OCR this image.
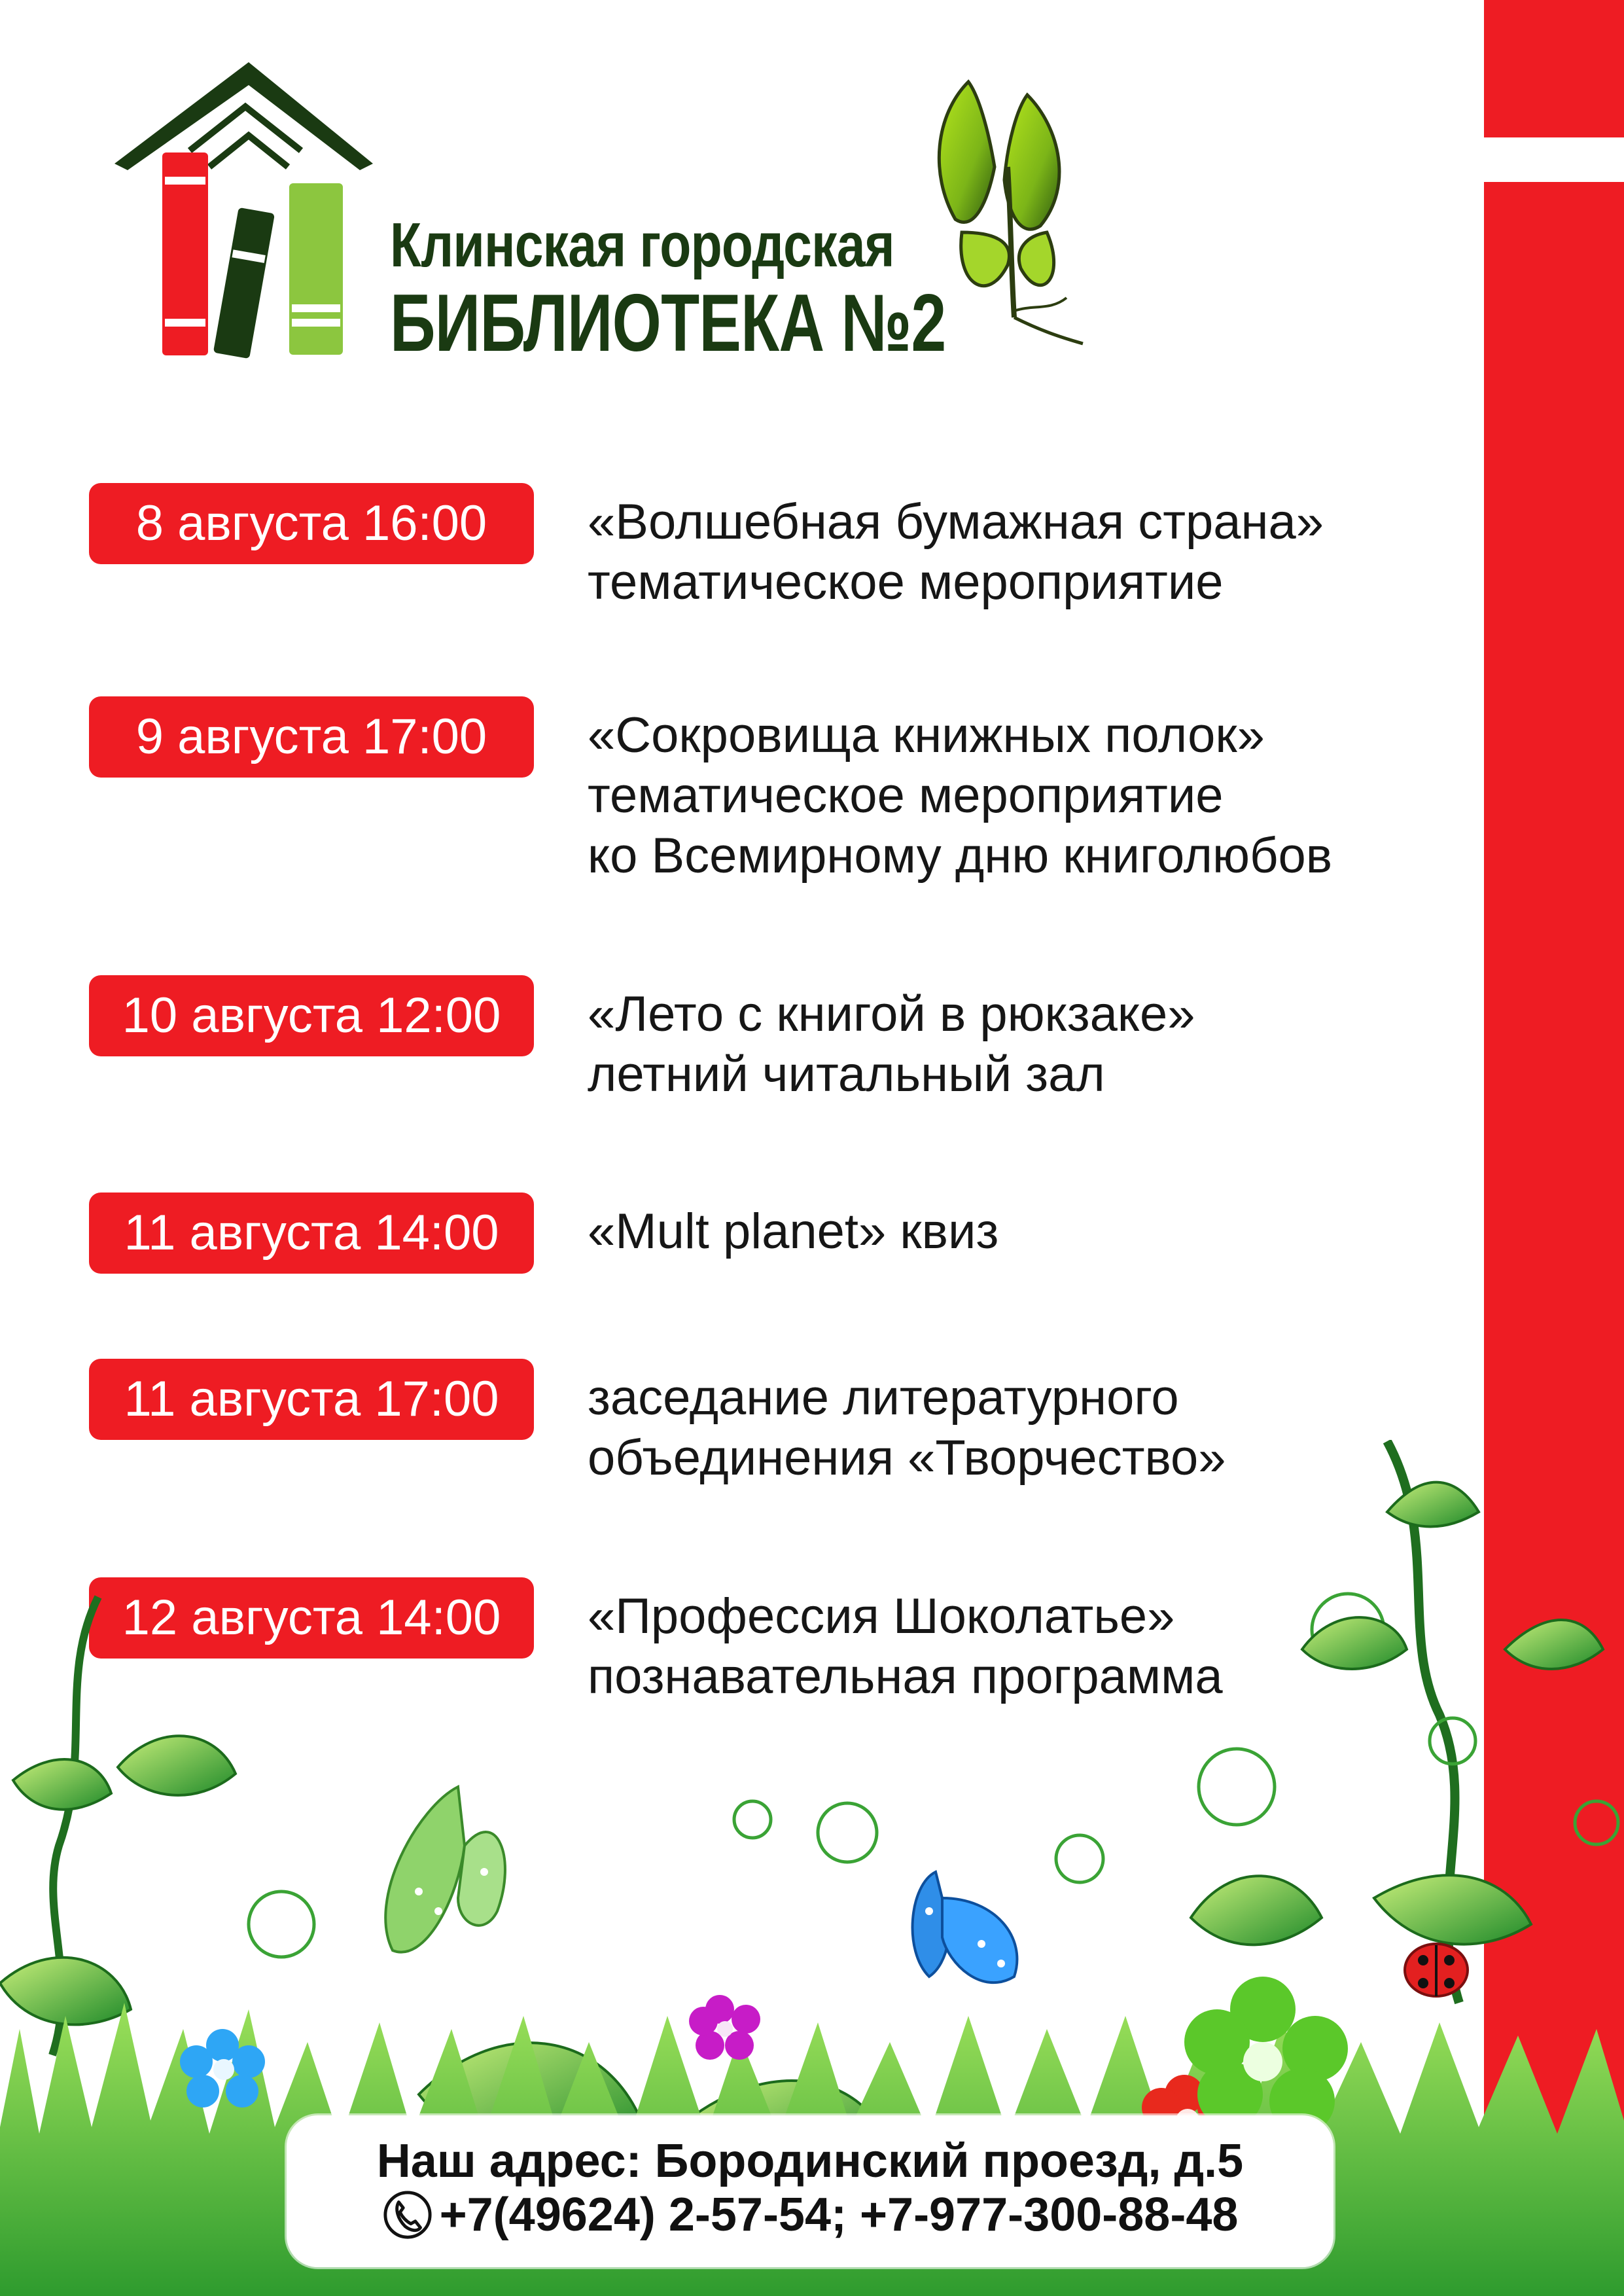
Клинская городская
БИБЛИОТЕКА №2
8 августа 16:00	«Волшебная бумажная страна»
тематическое мероприятие
9 августа 17:00	«Сокровища книжных полок»
тематическое мероприятие
ко Всемирному дню книголюбов
10 августа 12:00	«Лето с книгой в рюкзаке»
летний читальный зал
11 августа 14:00	«Mult planet» квиз
11 августа 17:00	заседание литературного
объединения «Творчество»
12 августа 14:00	«Профессия Шоколатье»
познавательная программа
Наш адрес: Бородинский проезд, д.5
+7(49624) 2-57-54; +7-977-300-88-48
